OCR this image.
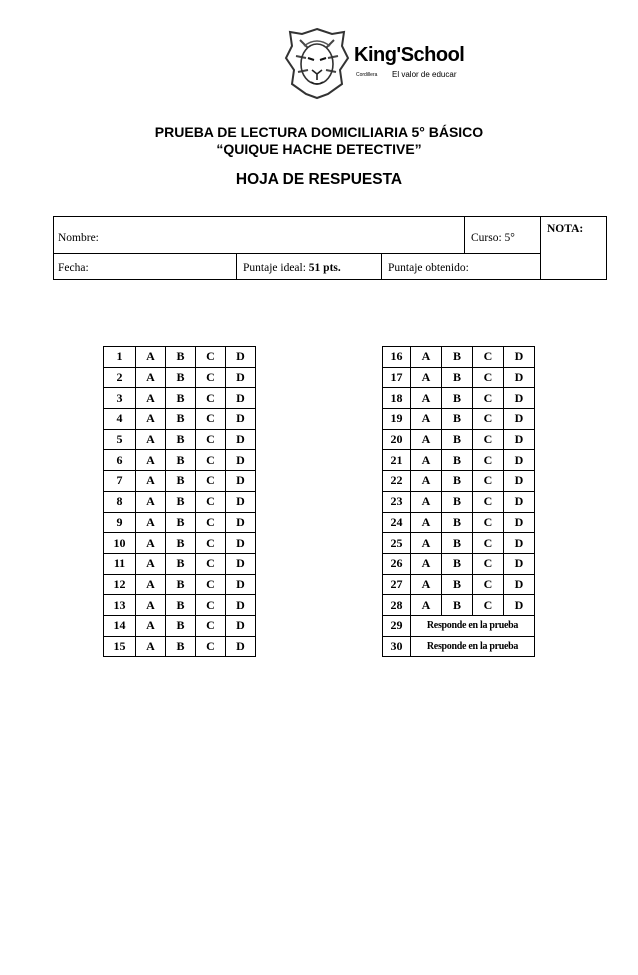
King'School
Cordillera El valor de educar
PRUEBA DE LECTURA DOMICILIARIA 5° BÁSICO
“QUIQUE HACHE DETECTIVE”
HOJA DE RESPUESTA
Nombre:	Curso: 5°
NOTA:
Fecha:	Puntaje ideal: 51 pts.	Puntaje obtenido:
1	A	B	C	D
2	A	B	C	D
3	A	B	C	D
4	A	B	C	D
5	A	B	C	D
6	A	B	C	D
7	A	B	C	D
8	A	B	C	D
9	A	B	C	D
10	A	B	C	D
11	A	B	C	D
12	A	B	C	D
13	A	B	C	D
14	A	B	C	D
15	A	B	C	D
16	A	B	C	D
17	A	B	C	D
18	A	B	C	D
19	A	B	C	D
20	A	B	C	D
21	A	B	C	D
22	A	B	C	D
23	A	B	C	D
24	A	B	C	D
25	A	B	C	D
26	A	B	C	D
27	A	B	C	D
28	A	B	C	D
29	Responde en la prueba			
30	Responde en la prueba			
